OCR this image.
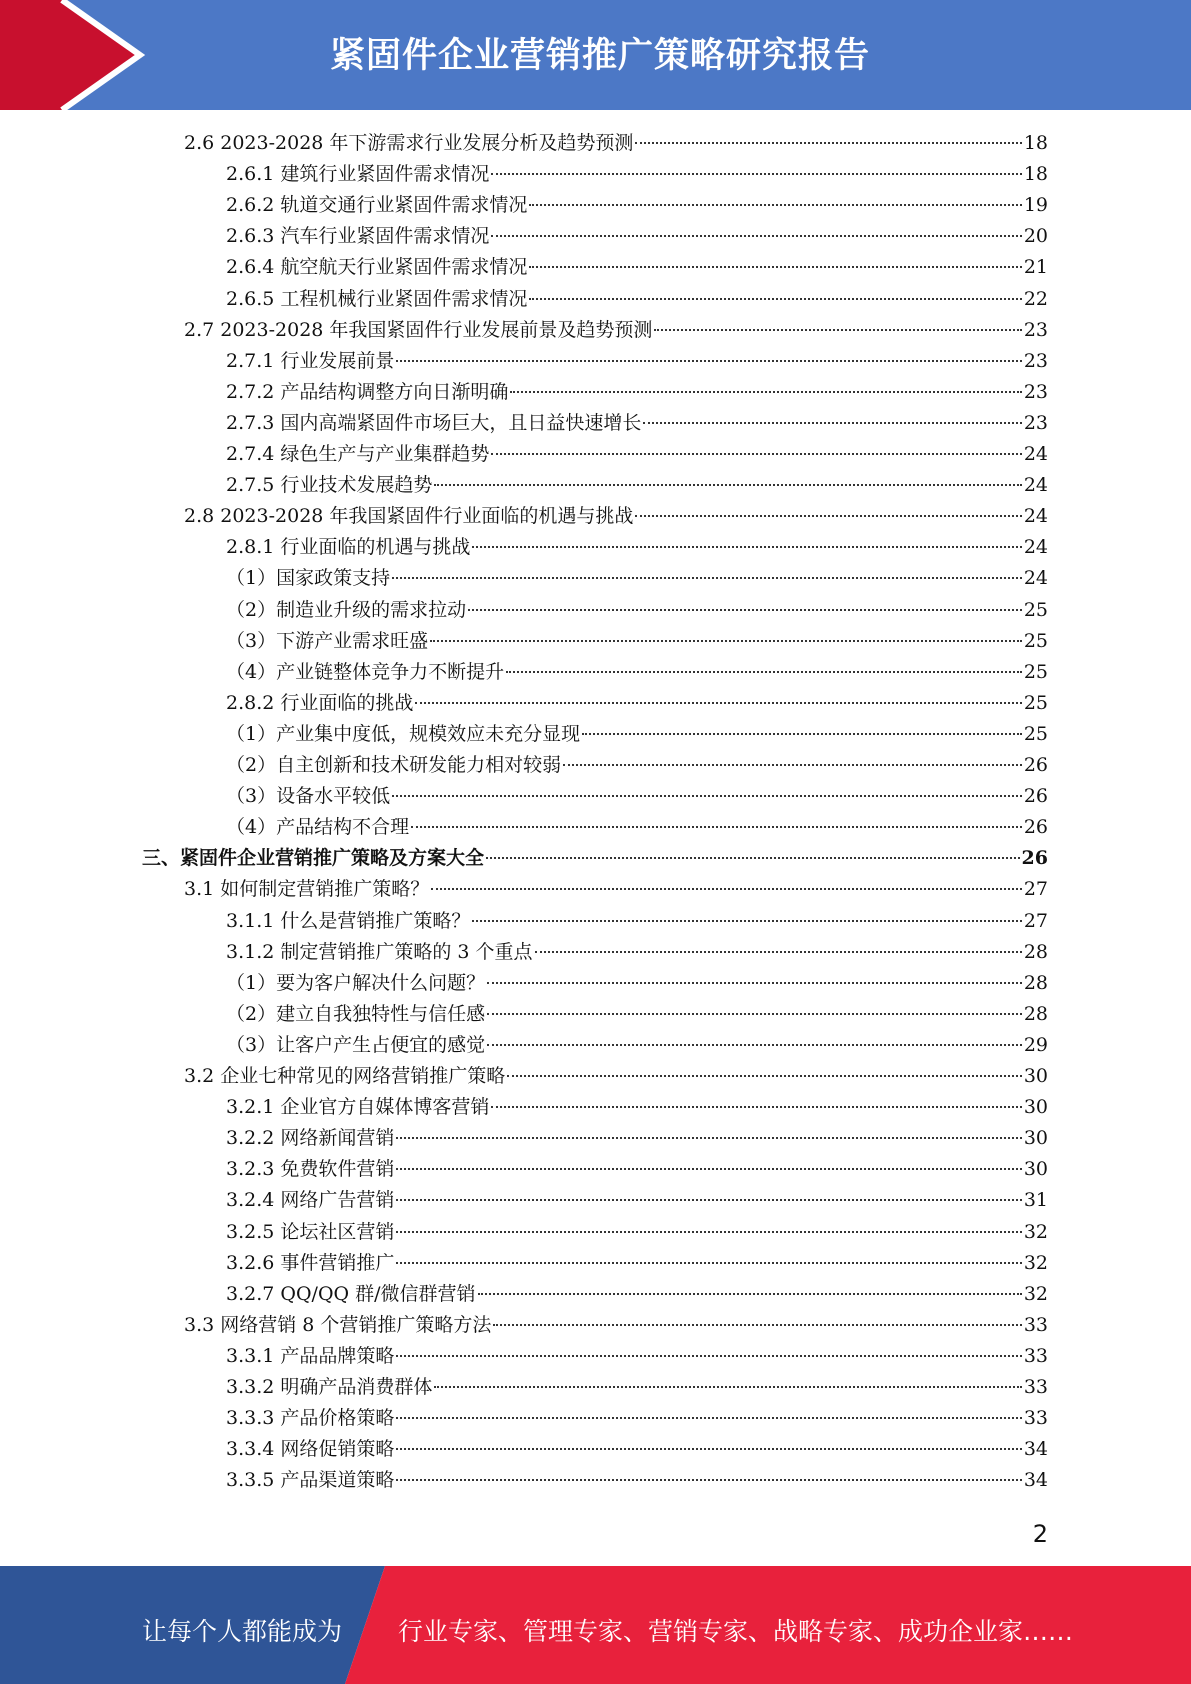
紧固件企业营销推广策略研究报告
2.6 2023-2028 年下游需求行业发展分析及趋势预测	18
2.6.1 建筑行业紧固件需求情况	18
2.6.2 轨道交通行业紧固件需求情况	19
2.6.3 汽车行业紧固件需求情况	20
2.6.4 航空航天行业紧固件需求情况	21
2.6.5 工程机械行业紧固件需求情况	22
2.7 2023-2028 年我国紧固件行业发展前景及趋势预测	23
2.7.1 行业发展前景	23
2.7.2 产品结构调整方向日渐明确	23
2.7.3 国内高端紧固件市场巨大，且日益快速增长	23
2.7.4 绿色生产与产业集群趋势	24
2.7.5 行业技术发展趋势	24
2.8 2023-2028 年我国紧固件行业面临的机遇与挑战	24
2.8.1 行业面临的机遇与挑战	24
（1）国家政策支持	24
（2）制造业升级的需求拉动	25
（3）下游产业需求旺盛	25
（4）产业链整体竞争力不断提升	25
2.8.2 行业面临的挑战	25
（1）产业集中度低，规模效应未充分显现	25
（2）自主创新和技术研发能力相对较弱	26
（3）设备水平较低	26
（4）产品结构不合理	26
三、紧固件企业营销推广策略及方案大全	26
3.1 如何制定营销推广策略？	27
3.1.1 什么是营销推广策略？	27
3.1.2 制定营销推广策略的 3 个重点	28
（1）要为客户解决什么问题？	28
（2）建立自我独特性与信任感	28
（3）让客户产生占便宜的感觉	29
3.2 企业七种常见的网络营销推广策略	30
3.2.1 企业官方自媒体博客营销	30
3.2.2 网络新闻营销	30
3.2.3 免费软件营销	30
3.2.4 网络广告营销	31
3.2.5 论坛社区营销	32
3.2.6 事件营销推广	32
3.2.7 QQ/QQ 群/微信群营销	32
3.3 网络营销 8 个营销推广策略方法	33
3.3.1 产品品牌策略	33
3.3.2 明确产品消费群体	33
3.3.3 产品价格策略	33
3.3.4 网络促销策略	34
3.3.5 产品渠道策略	34
2
让每个人都能成为 行业专家、管理专家、营销专家、战略专家、成功企业家……
